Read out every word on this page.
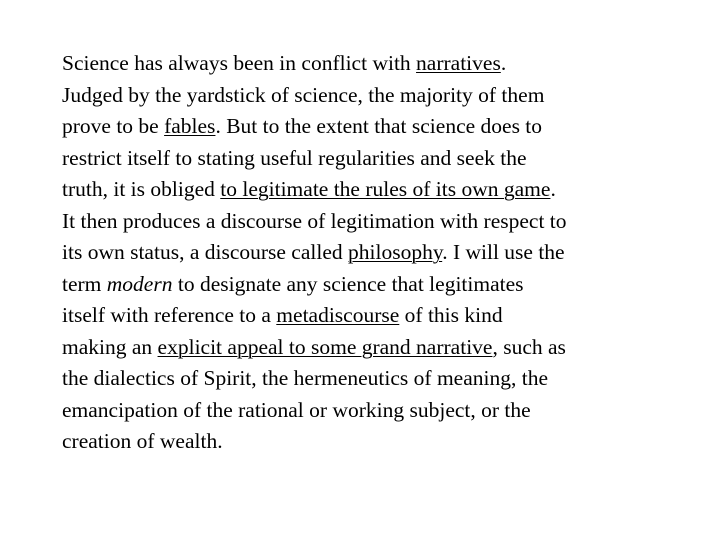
Science has always been in conflict with narratives.
Judged by the yardstick of science, the majority of them
prove to be fables. But to the extent that science does to
restrict itself to stating useful regularities and seek the
truth, it is obliged to legitimate the rules of its own game.
It then produces a discourse of legitimation with respect to
its own status, a discourse called philosophy. I will use the
term modern to designate any science that legitimates
itself with reference to a metadiscourse of this kind
making an explicit appeal to some grand narrative, such as
the dialectics of Spirit, the hermeneutics of meaning, the
emancipation of the rational or working subject, or the
creation of wealth.
